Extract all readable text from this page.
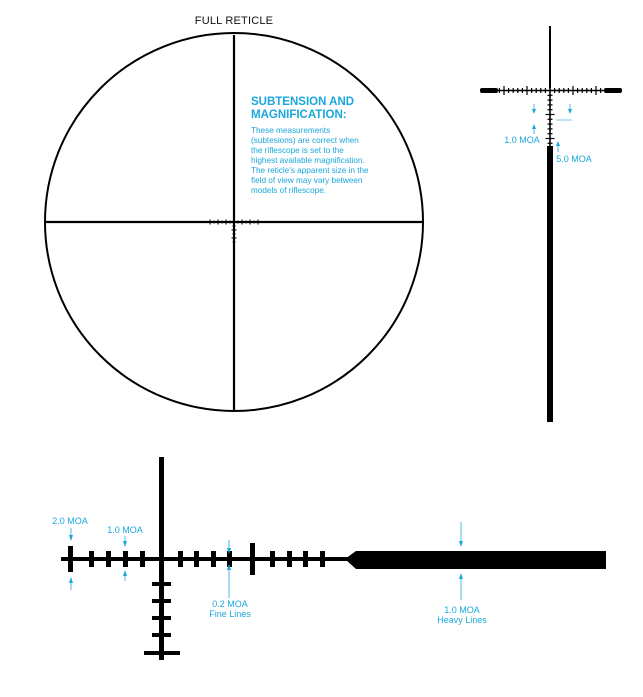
FULL RETICLE
SUBTENSION AND
MAGNIFICATION:
These measurements
(subtesions) are correct when
the riflescope is set to the
highest available magnification.
The reticle's apparent size in the
field of view may vary between
models of riflescope.
1.0 MOA
5.0 MOA
2.0 MOA
1.0 MOA
0.2 MOA
Fine Lines	1.0 MOA
Heavy Lines
